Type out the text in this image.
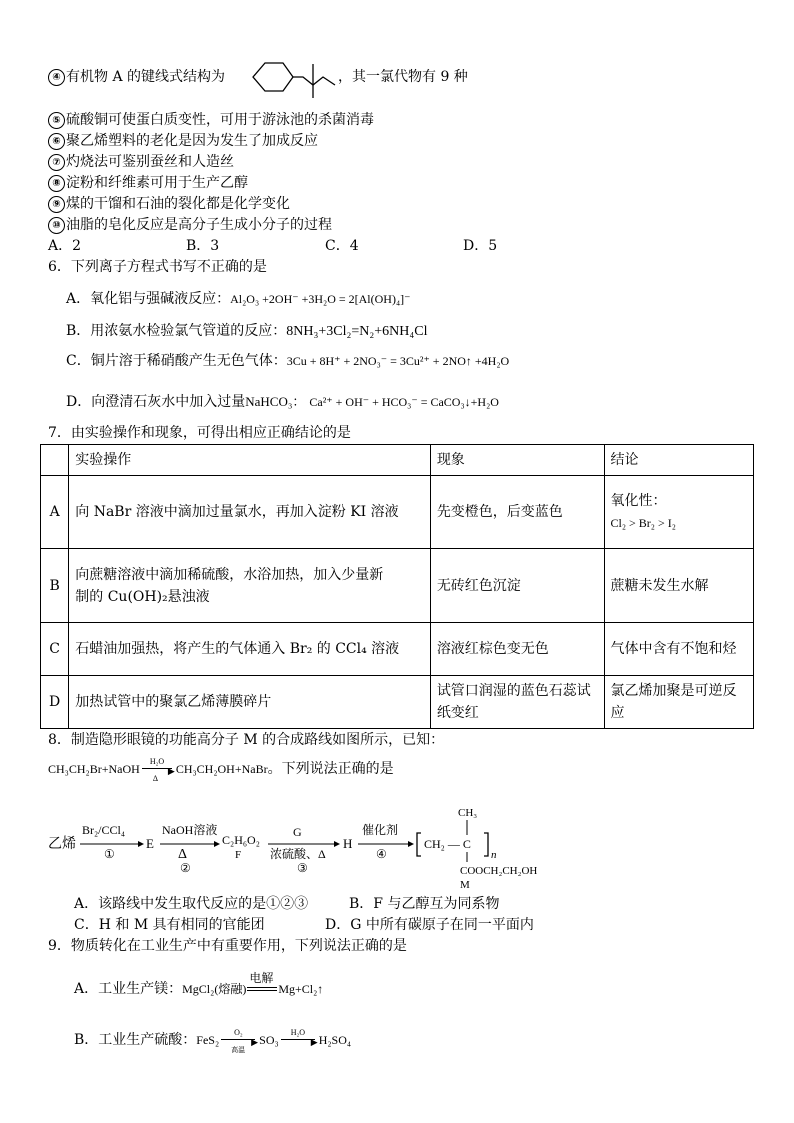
④ 有机物 A 的键线式结构为	，其一氯代物有 9 种
⑤ 硫酸铜可使蛋白质变性，可用于游泳池的杀菌消毒
⑥ 聚乙烯塑料的老化是因为发生了加成反应
⑦ 灼烧法可鉴别蚕丝和人造丝
⑧ 淀粉和纤维素可用于生产乙醇
⑨ 煤的干馏和石油的裂化都是化学变化
⑩ 油脂的皂化反应是高分子生成小分子的过程
A．2	B．3	C．4	D．5
6．下列离子方程式书写不正确的是
A．氧化铝与强碱液反应：Al₂O₃ +2OH⁻ +3H₂O = 2[Al(OH)₄]⁻
B．用浓氨水检验氯气管道的反应：8NH₃+3Cl₂=N₂+6NH₄Cl
C．铜片溶于稀硝酸产生无色气体：3Cu + 8H⁺ + 2NO₃⁻ = 3Cu²⁺ + 2NO↑ +4H₂O
D．向澄清石灰水中加入过量NaHCO₃： Ca²⁺ + OH⁻ + HCO₃⁻ = CaCO₃↓+H₂O
7．由实验操作和现象，可得出相应正确结论的是
	实验操作	现象	结论
A	向 NaBr 溶液中滴加过量氯水，再加入淀粉 KI 溶液	先变橙色，后变蓝色	氧化性：
Cl₂ > Br₂ > I₂

B	向蔗糖溶液中滴加稀硫酸，水浴加热，加入少量新
制的 Cu(OH)₂悬浊液	无砖红色沉淀	蔗糖未发生水解
C	石蜡油加强热，将产生的气体通入 Br₂ 的 CCl₄ 溶液	溶液红棕色变无色	气体中含有不饱和烃
D	加热试管中的聚氯乙烯薄膜碎片	试管口润湿的蓝色石蕊试纸变红	氯乙烯加聚是可逆反应
8．制造隐形眼镜的功能高分子 M 的合成路线如图所示，已知：
CH₃CH₂Br+NaOH
H₂O
▶
Δ
CH₃CH₂OH+NaBr。下列说法正确的是
乙烯
Br₂/CCl₄
①
E
NaOH溶液
Δ
②
C₂H₆O₂
F
G
浓硫酸、Δ
③
H
催化剂
④
CH₃
CH₂ — C
n
COOCH₂CH₂OH
M
A．该路线中发生取代反应的是①②③	B．F 与乙醇互为同系物
C．H 和 M 具有相同的官能团	D．G 中所有碳原子在同一平面内
9．物质转化在工业生产中有重要作用，下列说法正确的是
A．工业生产镁：MgCl₂(熔融)
电解
Mg+Cl₂↑
B．工业生产硫酸：FeS₂
O₂
▶
高温
SO₃
H₂O
▶ H₂SO₄
